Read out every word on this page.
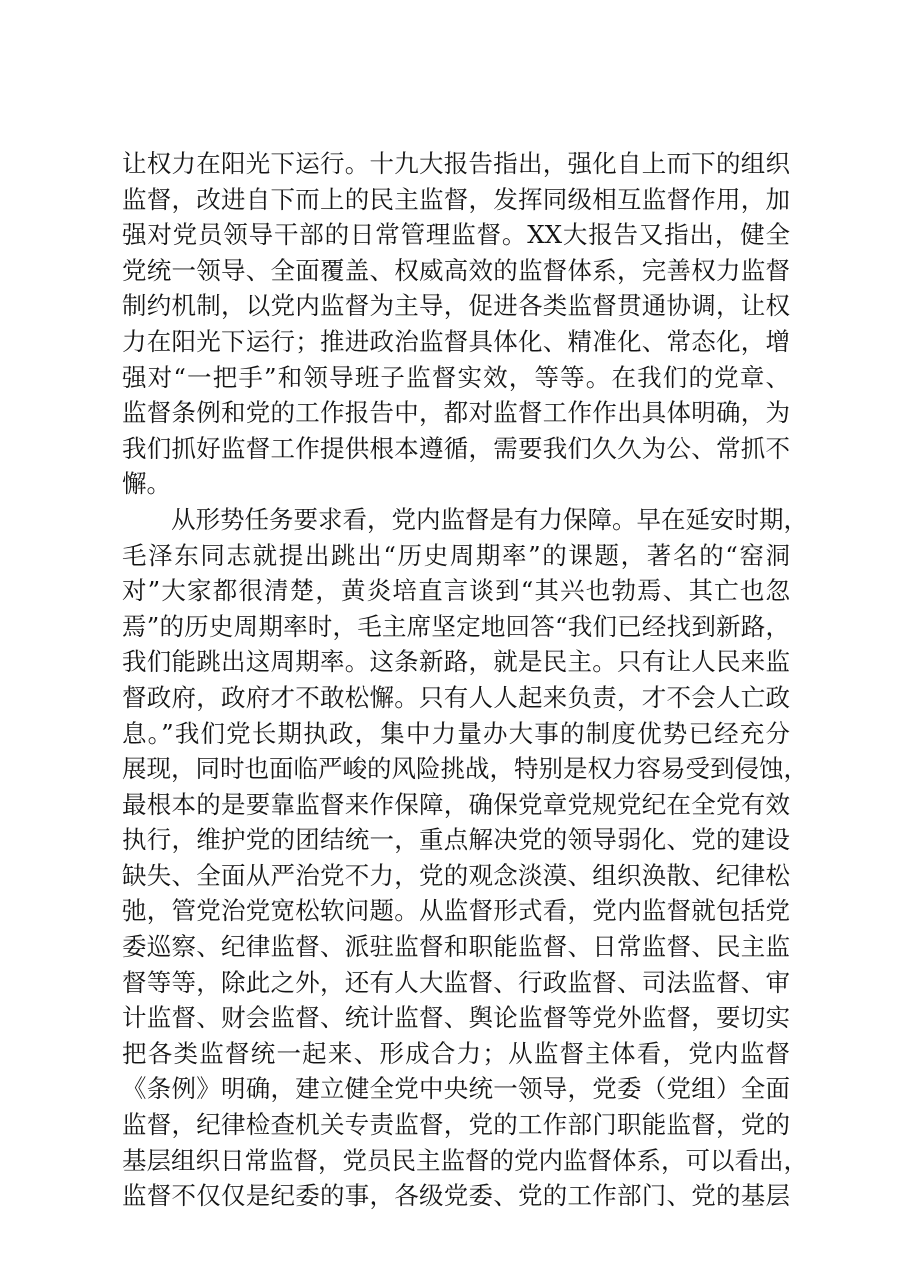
让权力在阳光下运行。十九大报告指出，强化自上而下的组织
监督，改进自下而上的民主监督，发挥同级相互监督作用，加
强对党员领导干部的日常管理监督。XX大报告又指出，健全
党统一领导、全面覆盖、权威高效的监督体系，完善权力监督
制约机制，以党内监督为主导，促进各类监督贯通协调，让权
力在阳光下运行；推进政治监督具体化、精准化、常态化，增
强对“一把手”和领导班子监督实效，等等。在我们的党章、
监督条例和党的工作报告中，都对监督工作作出具体明确，为
我们抓好监督工作提供根本遵循，需要我们久久为公、常抓不
懈。
从形势任务要求看，党内监督是有力保障。早在延安时期，
毛泽东同志就提出跳出“历史周期率”的课题，著名的“窑洞
对”大家都很清楚，黄炎培直言谈到“其兴也勃焉、其亡也忽
焉”的历史周期率时，毛主席坚定地回答“我们已经找到新路，
我们能跳出这周期率。这条新路，就是民主。只有让人民来监
督政府，政府才不敢松懈。只有人人起来负责，才不会人亡政
息。”我们党长期执政，集中力量办大事的制度优势已经充分
展现，同时也面临严峻的风险挑战，特别是权力容易受到侵蚀，
最根本的是要靠监督来作保障，确保党章党规党纪在全党有效
执行，维护党的团结统一，重点解决党的领导弱化、党的建设
缺失、全面从严治党不力，党的观念淡漠、组织涣散、纪律松
弛，管党治党宽松软问题。从监督形式看，党内监督就包括党
委巡察、纪律监督、派驻监督和职能监督、日常监督、民主监
督等等，除此之外，还有人大监督、行政监督、司法监督、审
计监督、财会监督、统计监督、舆论监督等党外监督，要切实
把各类监督统一起来、形成合力；从监督主体看，党内监督
《条例》明确，建立健全党中央统一领导，党委（党组）全面
监督，纪律检查机关专责监督，党的工作部门职能监督，党的
基层组织日常监督，党员民主监督的党内监督体系，可以看出，
监督不仅仅是纪委的事，各级党委、党的工作部门、党的基层
